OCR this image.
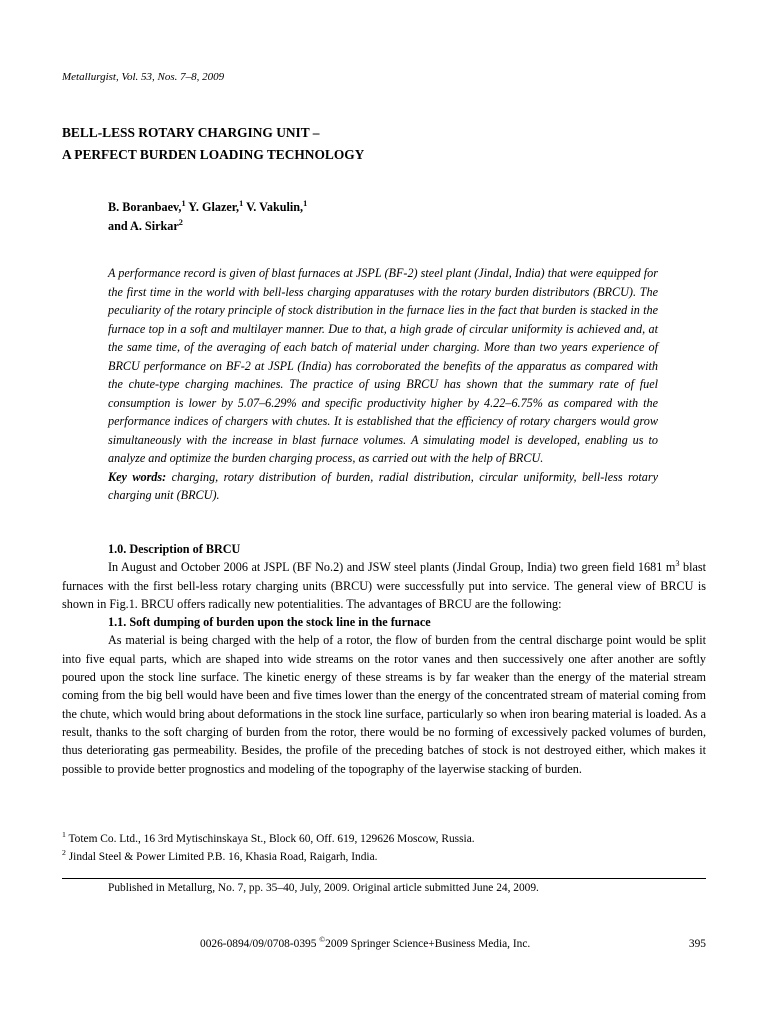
Metallurgist, Vol. 53, Nos. 7–8, 2009
BELL-LESS ROTARY CHARGING UNIT –
A PERFECT BURDEN LOADING TECHNOLOGY
B. Boranbaev,$^1$ Y. Glazer,$^1$ V. Vakulin,$^1$
and A. Sirkar$^2$

A performance record is given of blast furnaces at JSPL (BF-2) steel plant (Jindal, India) that were equipped for the first time in the world with bell-less charging apparatuses with the rotary burden distributors (BRCU). The peculiarity of the rotary principle of stock distribution in the furnace lies in the fact that burden is stacked in the furnace top in a soft and multilayer manner. Due to that, a high grade of circular uniformity is achieved and, at the same time, of the averaging of each batch of material under charging. More than two years experience of BRCU performance on BF-2 at JSPL (India) has corroborated the benefits of the apparatus as compared with the chute-type charging machines. The practice of using BRCU has shown that the summary rate of fuel consumption is lower by 5.07–6.29% and specific productivity higher by 4.22–6.75% as compared with the performance indices of chargers with chutes. It is established that the efficiency of rotary chargers would grow simultaneously with the increase in blast furnace volumes. A simulating model is developed, enabling us to analyze and optimize the burden charging process, as carried out with the help of BRCU.

Key words: charging, rotary distribution of burden, radial distribution, circular uniformity, bell-less rotary charging unit (BRCU).

1.0. Description of BRCU

In August and October 2006 at JSPL (BF No.2) and JSW steel plants (Jindal Group, India) two green field 1681 $m^3$ blast furnaces with the first bell-less rotary charging units (BRCU) were successfully put into service. The general view of BRCU is shown in Fig.1. BRCU offers radically new potentialities. The advantages of BRCU are the following:

1.1. Soft dumping of burden upon the stock line in the furnace

As material is being charged with the help of a rotor, the flow of burden from the central discharge point would be split into five equal parts, which are shaped into wide streams on the rotor vanes and then successively one after another are softly poured upon the stock line surface. The kinetic energy of these streams is by far weaker than the energy of the material stream coming from the big bell would have been and five times lower than the energy of the concentrated stream of material coming from the chute, which would bring about deformations in the stock line surface, particularly so when iron bearing material is loaded. As a result, thanks to the soft charging of burden from the rotor, there would be no forming of excessively packed volumes of burden, thus deteriorating gas permeability. Besides, the profile of the preceding batches of stock is not destroyed either, which makes it possible to provide better prognostics and modeling of the topography of the layerwise stacking of burden.

$^1$ Totem Co. Ltd., 16 3rd Mytischinskaya St., Block 60, Off. 619, 129626 Moscow, Russia.

$^2$ Jindal Steel & Power Limited P.B. 16, Khasia Road, Raigarh, India.

Published in Metallurg, No. 7, pp. 35–40, July, 2009. Original article submitted June 24, 2009.
0026-0894/09/0708-0395 ©2009 Springer Science+Business Media, Inc.	395
